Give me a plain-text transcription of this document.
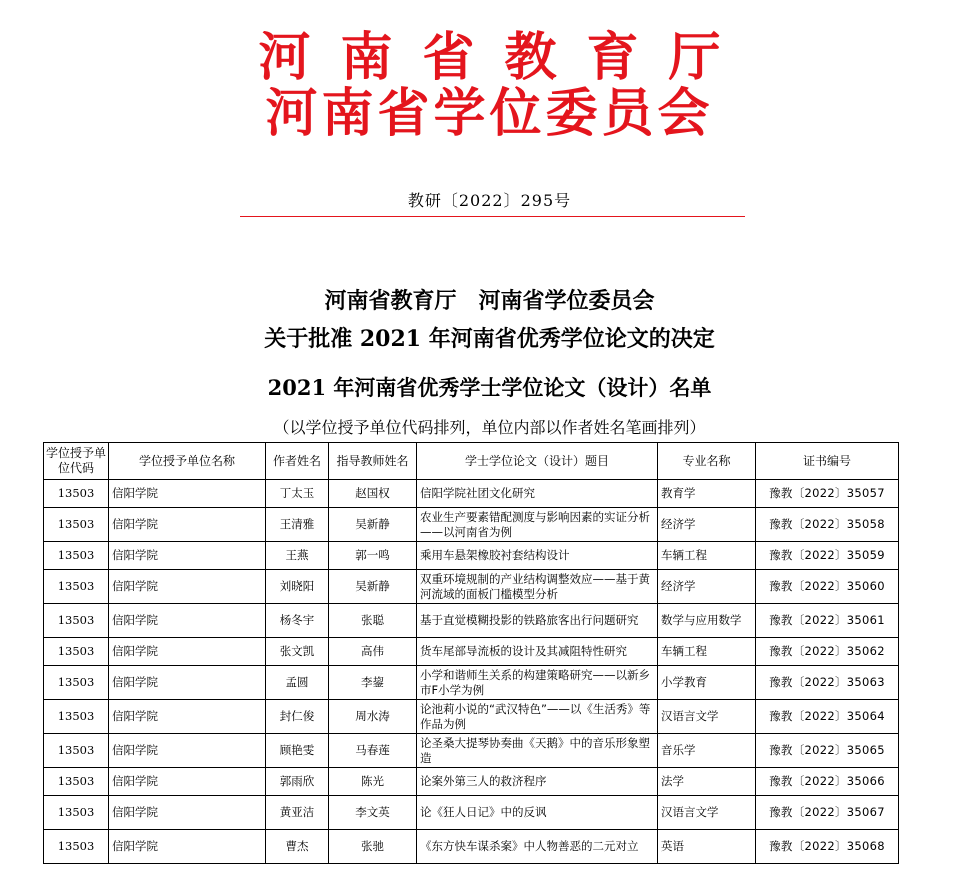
河南省教育厅
河南省学位委员会
教研〔2022〕295号
河南省教育厅　河南省学位委员会
关于批准 2021 年河南省优秀学位论文的决定
2021 年河南省优秀学士学位论文（设计）名单
（以学位授予单位代码排列，单位内部以作者姓名笔画排列）
学位授予单位代码	学位授予单位名称	作者姓名	指导教师姓名	学士学位论文（设计）题目	专业名称	证书编号
13503	信阳学院	丁太玉	赵国权	信阳学院社团文化研究	教育学	豫教〔2022〕35057
13503	信阳学院	王清雅	吴新静	农业生产要素错配测度与影响因素的实证分析——以河南省为例	经济学	豫教〔2022〕35058
13503	信阳学院	王燕	郭一鸣	乘用车悬架橡胶衬套结构设计	车辆工程	豫教〔2022〕35059
13503	信阳学院	刘晓阳	吴新静	双重环境规制的产业结构调整效应——基于黄河流域的面板门槛模型分析	经济学	豫教〔2022〕35060
13503	信阳学院	杨冬宇	张聪	基于直觉模糊投影的铁路旅客出行问题研究	数学与应用数学	豫教〔2022〕35061
13503	信阳学院	张文凯	高伟	货车尾部导流板的设计及其减阻特性研究	车辆工程	豫教〔2022〕35062
13503	信阳学院	孟圆	李鋆	小学和谐师生关系的构建策略研究——以新乡市F小学为例	小学教育	豫教〔2022〕35063
13503	信阳学院	封仁俊	周水涛	论池莉小说的“武汉特色”——以《生活秀》等作品为例	汉语言文学	豫教〔2022〕35064
13503	信阳学院	顾艳雯	马春莲	论圣桑大提琴协奏曲《天鹅》中的音乐形象塑造	音乐学	豫教〔2022〕35065
13503	信阳学院	郭雨欣	陈光	论案外第三人的救济程序	法学	豫教〔2022〕35066
13503	信阳学院	黄亚洁	李文英	论《狂人日记》中的反讽	汉语言文学	豫教〔2022〕35067
13503	信阳学院	曹杰	张驰	《东方快车谋杀案》中人物善恶的二元对立	英语	豫教〔2022〕35068
